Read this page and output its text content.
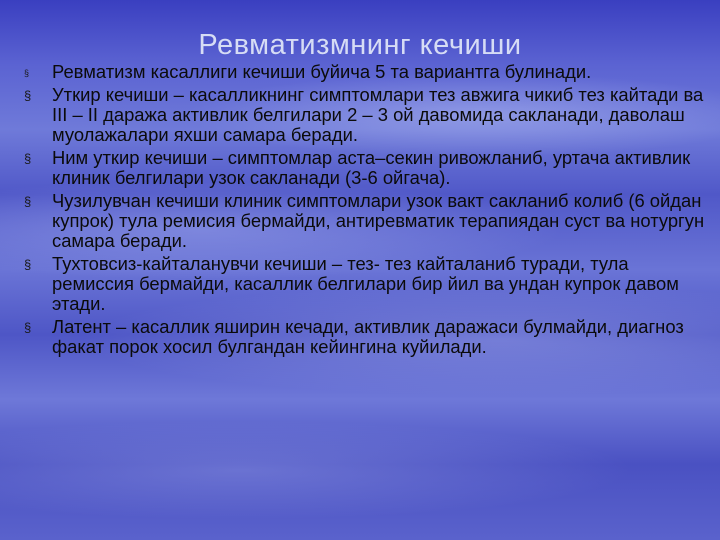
Ревматизмнинг кечиши
§ Ревматизм касаллиги кечиши буйича 5 та вариантга булинади.
§ Уткир кечиши – касалликнинг симптомлари тез авжига чикиб тез кайтади ва III – II даража активлик белгилари 2 – 3 ой давомида сакланади, даволаш муолажалари яхши самара беради.
§ Ним уткир кечиши – симптомлар аста–секин ривожланиб, уртача активлик клиник белгилари узок сакланади (3-6 ойгача).
§ Чузилувчан кечиши клиник симптомлари узок вакт сакланиб колиб (6 ойдан купрок) тула ремисия бермайди, антиревматик терапиядан суст ва нотургун самара беради.
§ Тухтовсиз-кайталанувчи кечиши – тез- тез кайталаниб туради, тула ремиссия бермайди, касаллик белгилари бир йил ва ундан купрок давом этади.
§ Латент – касаллик яширин кечади, активлик даражаси булмайди, диагноз факат порок хосил булгандан кейингина куйилади.
